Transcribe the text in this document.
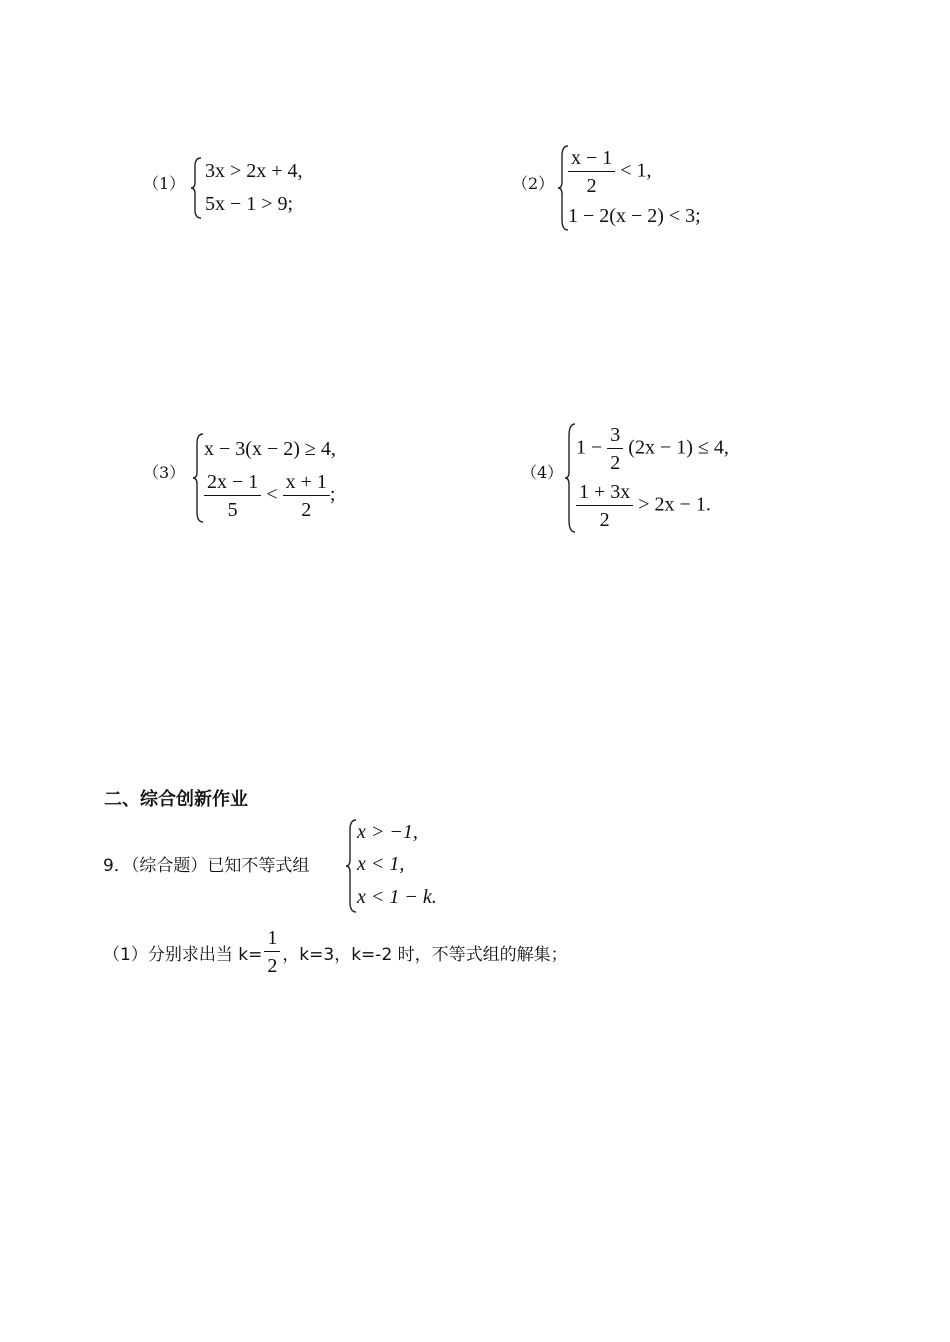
（1）
3x > 2x + 4,
5x − 1 > 9;
$(2) \frac{x - 1}{2} < 1$,
1 − 2(x − 2) < 3;
（3）
x − 3(x − 2) ≥ 4,
$\frac{2x - 1}{5} < \frac{x + 1}{2}$ ;
（4）
$1 - \frac{3}{2} (2x - 1) \le 4$,
$\frac{1 + 3x}{2} > 2x - 1$.
二、综合创新作业
9．（综合题）已知不等式组
x > −1,
x < 1,
x < 1 − k.
（1）分别求出当 $k= \frac{1}{2}$ ，k=3，k=-2 时，不等式组的解集；
